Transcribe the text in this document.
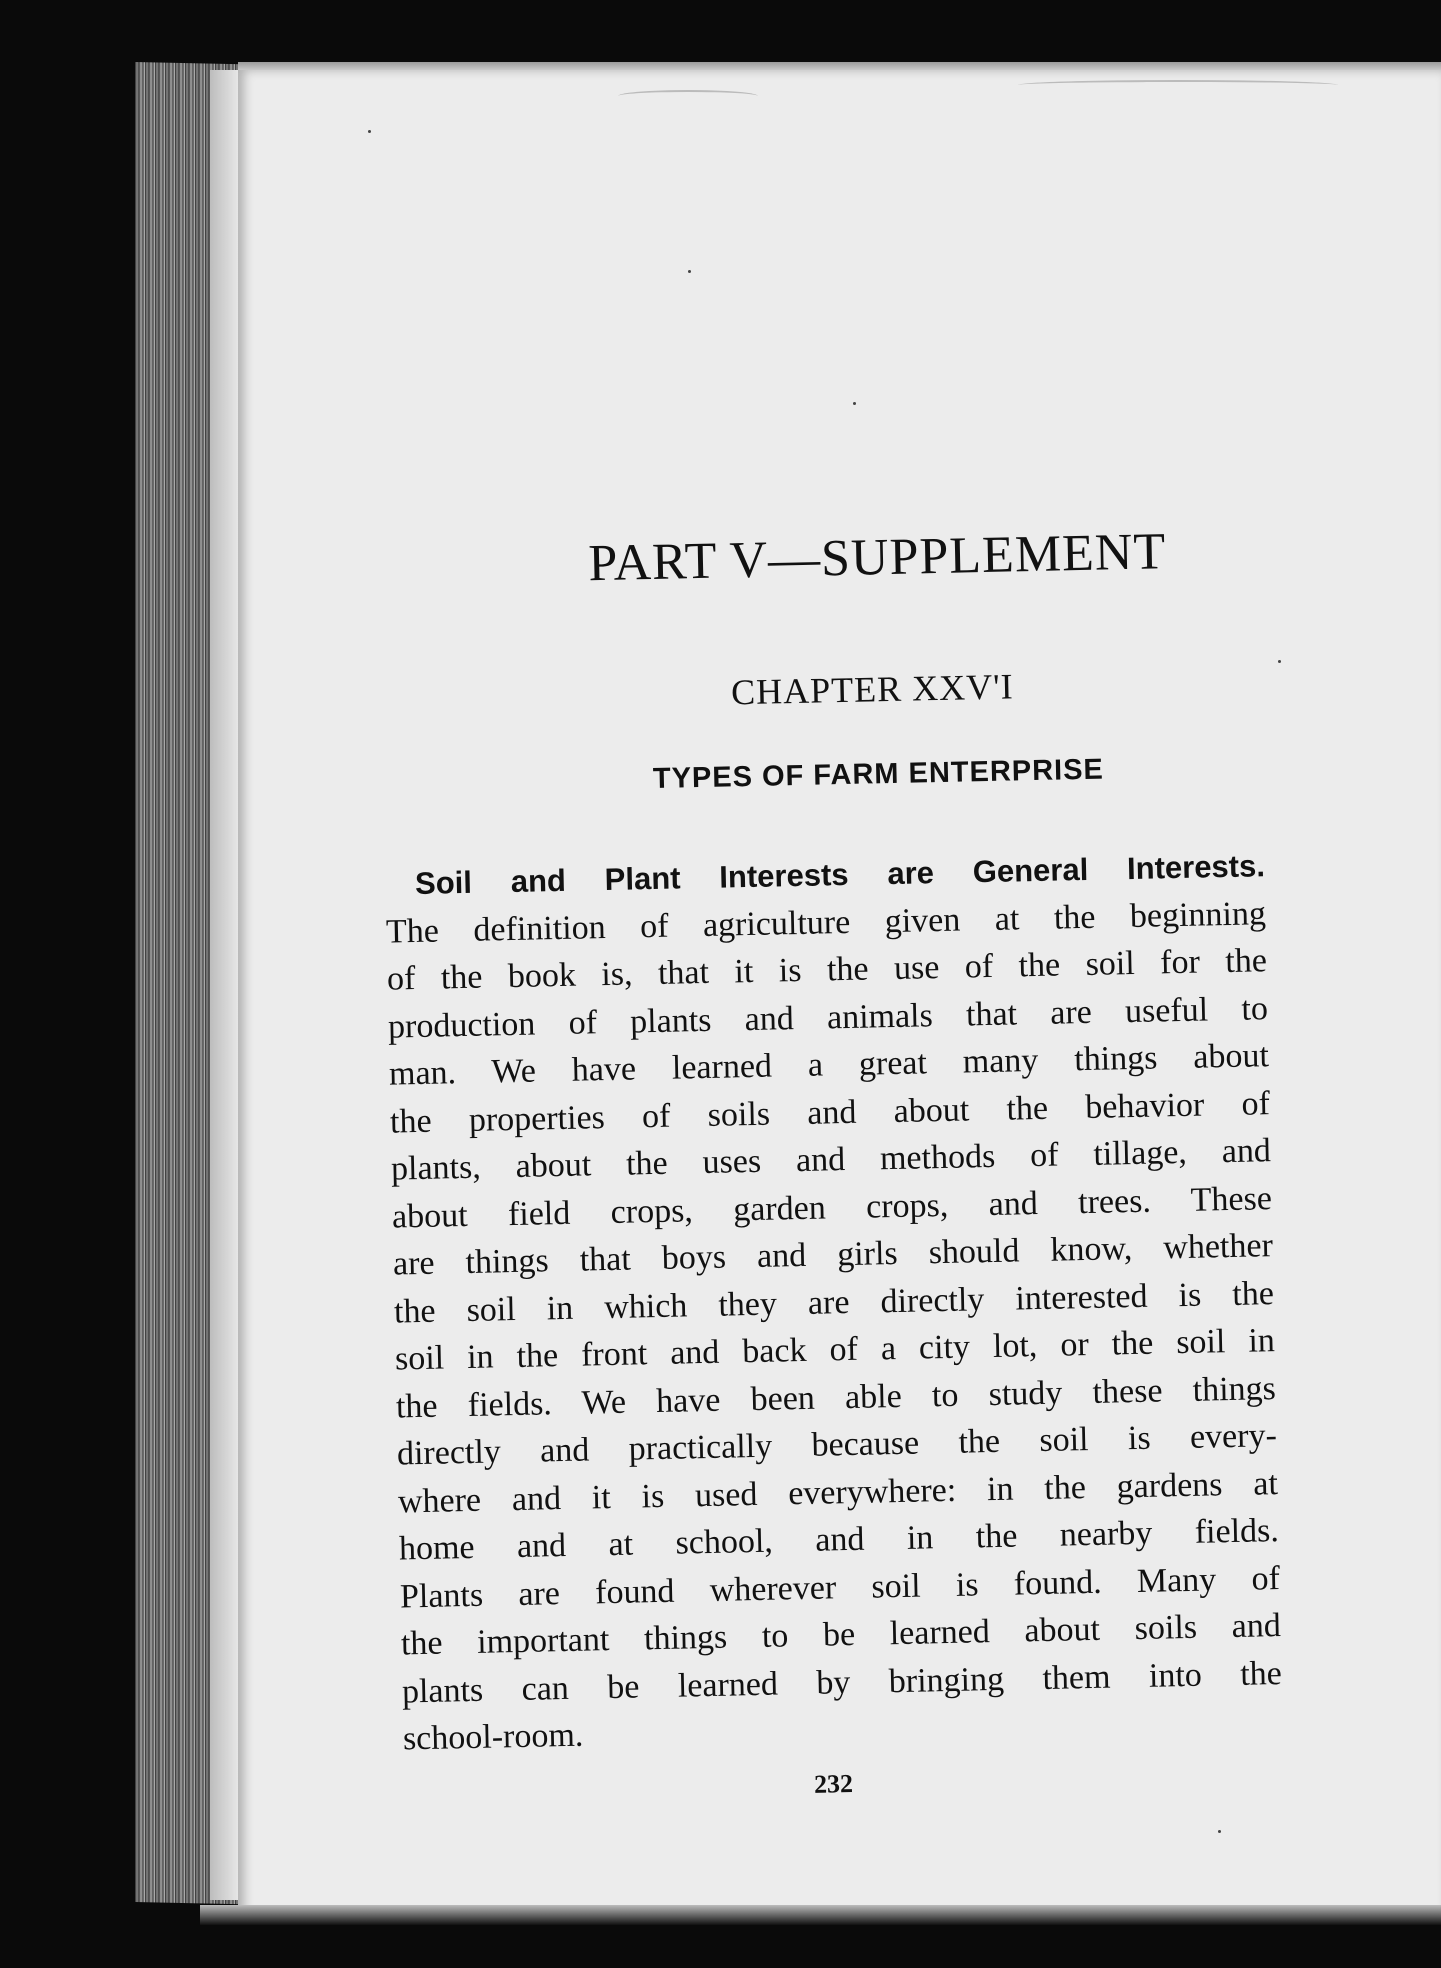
PART V—SUPPLEMENT
CHAPTER XXV'I
TYPES OF FARM ENTERPRISE
Soil and Plant Interests are General Interests.
The definition of agriculture given at the beginning
of the book is, that it is the use of the soil for the
production of plants and animals that are useful to
man. We have learned a great many things about
the properties of soils and about the behavior of
plants, about the uses and methods of tillage, and
about field crops, garden crops, and trees. These
are things that boys and girls should know, whether
the soil in which they are directly interested is the
soil in the front and back of a city lot, or the soil in
the fields. We have been able to study these things
directly and practically because the soil is every-
where and it is used everywhere: in the gardens at
home and at school, and in the nearby fields.
Plants are found wherever soil is found. Many of
the important things to be learned about soils and
plants can be learned by bringing them into the
school-room.
232
